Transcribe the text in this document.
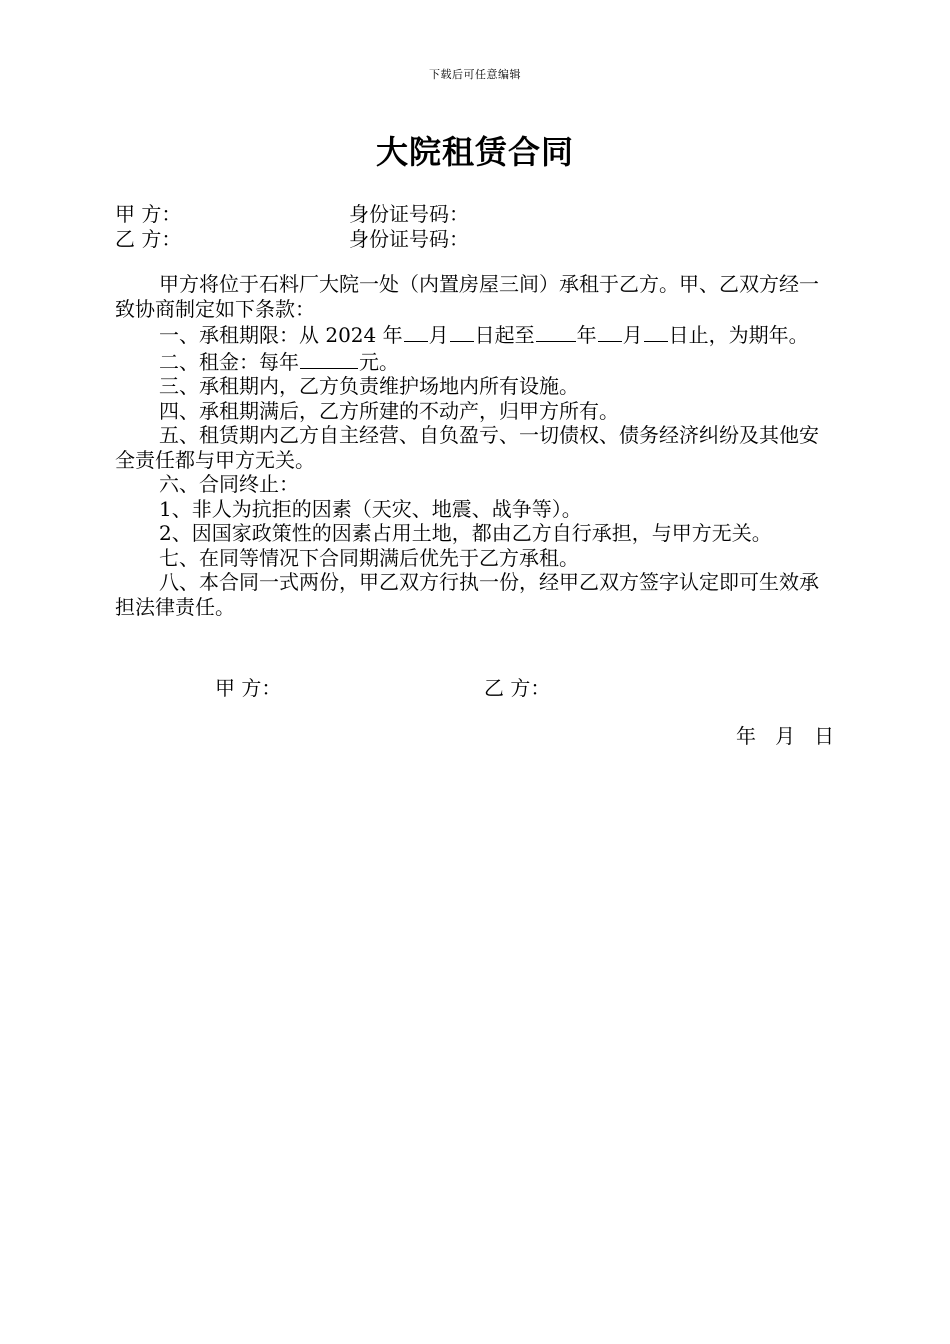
下载后可任意编辑
大院租赁合同
甲 方：	身份证号码：
乙 方：	身份证号码：

甲方将位于石料厂大院一处（内置房屋三间）承租于乙方。甲、乙双方经一致协商制定如下条款：

一、承租期限：从 2024 年 月 日起至 年 月 日止，为期年。

二、租金：每年	元。

三、承租期内，乙方负责维护场地内所有设施。

四、承租期满后，乙方所建的不动产，归甲方所有。

五、租赁期内乙方自主经营、自负盈亏、一切债权、债务经济纠纷及其他安全责任都与甲方无关。

六、合同终止：

1、非人为抗拒的因素（天灾、地震、战争等）。

2、因国家政策性的因素占用土地，都由乙方自行承担，与甲方无关。

七、在同等情况下合同期满后优先于乙方承租。

八、本合同一式两份，甲乙双方行执一份，经甲乙双方签字认定即可生效承担法律责任。

甲 方：	乙 方：
年   月   日
